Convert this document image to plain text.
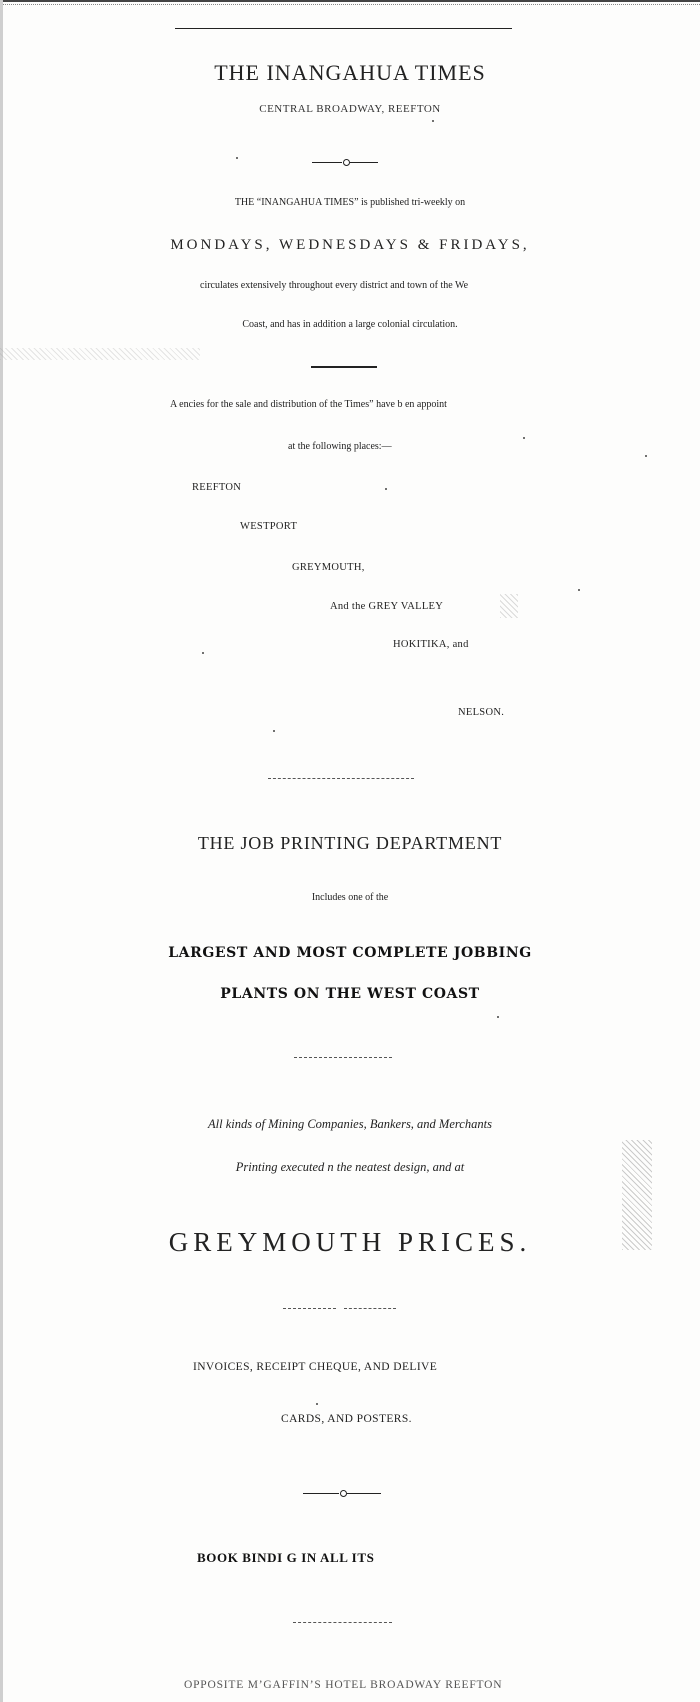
THE INANGAHUA TIMES
CENTRAL BROADWAY, REEFTON
THE “INANGAHUA TIMES” is published tri-weekly on
MONDAYS, WEDNESDAYS & FRIDAYS,
circulates extensively throughout every district and town of the We
Coast, and has in addition a large colonial circulation.
A encies for the sale and distribution of the Times” have b en appoint
at the following places:—
REEFTON
WESTPORT
GREYMOUTH,
And the GREY VALLEY
HOKITIKA, and
NELSON.
THE JOB PRINTING DEPARTMENT
Includes one of the
LARGEST AND MOST COMPLETE JOBBING
PLANTS ON THE WEST COAST
All kinds of Mining Companies, Bankers, and Merchants
Printing executed n the neatest design, and at
GREYMOUTH PRICES.
INVOICES, RECEIPT CHEQUE, AND DELIVE
CARDS, AND POSTERS.
BOOK BINDI G IN ALL ITS
OPPOSITE M’GAFFIN’S HOTEL BROADWAY REEFTON
